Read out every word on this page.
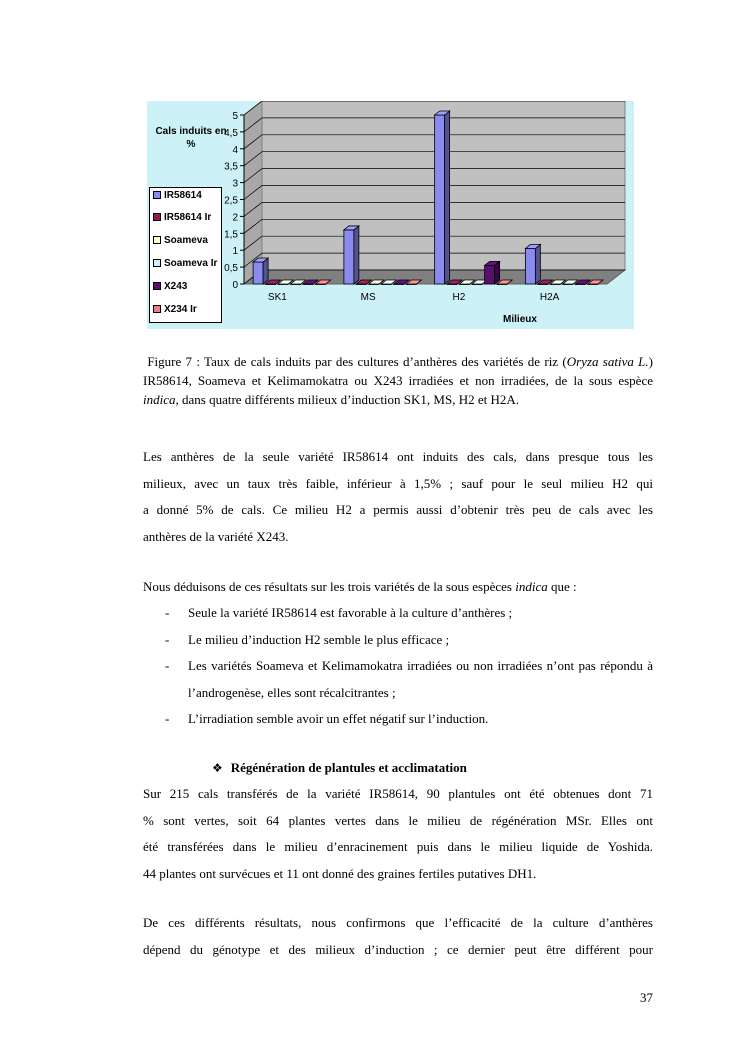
0
0,5
1
1,5
2
2,5
3
3,5
4
4,5
5
SK1	MS	H2	H2A
Milieux
Cals induits en %
IR58614
IR58614 Ir
Soameva
Soameva Ir
X243
X234 Ir
Figure 7 : Taux de cals induits par des cultures d’anthères des variétés de riz (Oryza sativa L.) IR58614, Soameva et Kelimamokatra ou X243 irradiées et non irradiées, de la sous espèce indica, dans quatre différents milieux d’induction SK1, MS, H2 et H2A.
Les anthères de la seule variété IR58614 ont induits des cals, dans presque tous les
milieux, avec un taux très faible, inférieur à 1,5% ; sauf pour le seul milieu H2 qui
a donné 5% de cals. Ce milieu H2 a permis aussi d’obtenir très peu de cals avec les
anthères de la variété X243.
Nous déduisons de ces résultats sur les trois variétés de la sous espèces indica que :
- Seule la variété IR58614 est favorable à la culture d’anthères ;
- Le milieu d’induction H2 semble le plus efficace ;
- Les variétés Soameva et Kelimamokatra irradiées ou non irradiées n’ont pas répondu à l’androgenèse, elles sont récalcitrantes ;
- L’irradiation semble avoir un effet négatif sur l’induction.
❖ Régénération de plantules et acclimatation
Sur 215 cals transférés de la variété IR58614, 90 plantules ont été obtenues dont 71
% sont vertes, soit 64 plantes vertes dans le milieu de régénération MSr. Elles ont
été transférées dans le milieu d’enracinement puis dans le milieu liquide de Yoshida.
44 plantes ont survécues et 11 ont donné des graines fertiles putatives DH1.
De ces différents résultats, nous confirmons que l’efficacité de la culture d’anthères
dépend du génotype et des milieux d’induction ; ce dernier peut être différent pour
37
